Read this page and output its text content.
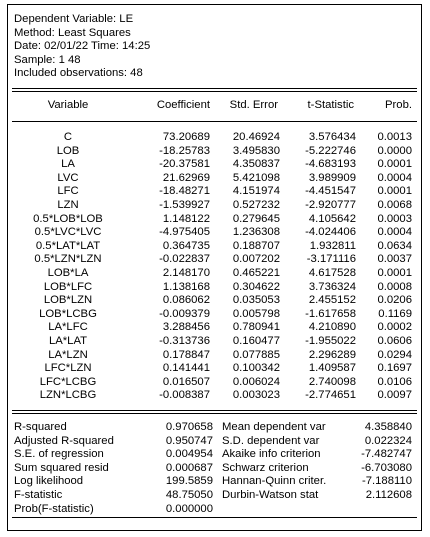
Dependent Variable: LE
Method: Least Squares
Date: 02/01/22 Time: 14:25
Sample: 1 48
Included observations: 48
Variable	Coefficient Std. Error	t-Statistic	Prob.
C	73.20689 20.46924	3.576434 0.0013
LOB	-18.25783 3.495830 -5.222746 0.0000
LA	-20.37581 4.350837 -4.683193 0.0001
LVC	21.62969 5.421098	3.989909 0.0004
LFC	-18.48271 4.151974 -4.451547 0.0001
LZN	-1.539927 0.527232 -2.920777 0.0068
0.5*LOB*LOB	1.148122 0.279645	4.105642 0.0003
0.5*LVC*LVC	-4.975405 1.236308 -4.024406 0.0004
0.5*LAT*LAT	0.364735 0.188707	1.932811 0.0634
0.5*LZN*LZN	-0.022837 0.007202 -3.171116 0.0037
LOB*LA	2.148170 0.465221	4.617528 0.0001
LOB*LFC	1.138168 0.304622	3.736324 0.0008
LOB*LZN	0.086062 0.035053	2.455152 0.0206
LOB*LCBG	-0.009379 0.005798 -1.617658 0.1169
LA*LFC	3.288456 0.780941	4.210890 0.0002
LA*LAT	-0.313736 0.160477 -1.955022 0.0606
LA*LZN	0.178847 0.077885	2.296289 0.0294
LFC*LZN	0.141441 0.100342	1.409587 0.1697
LFC*LCBG	0.016507 0.006024	2.740098 0.0106
LZN*LCBG	-0.008387 0.003023 -2.774651 0.0097
R-squared	0.970658 Mean dependent var	4.358840
Adjusted R-squared	0.950747 S.D. dependent var	0.022324
S.E. of regression	0.004954 Akaike info criterion	-7.482747
Sum squared resid	0.000687 Schwarz criterion	-6.703080
Log likelihood	199.5859 Hannan-Quinn criter.	-7.188110
F-statistic	48.75050 Durbin-Watson stat	2.112608
Prob(F-statistic)	0.000000
